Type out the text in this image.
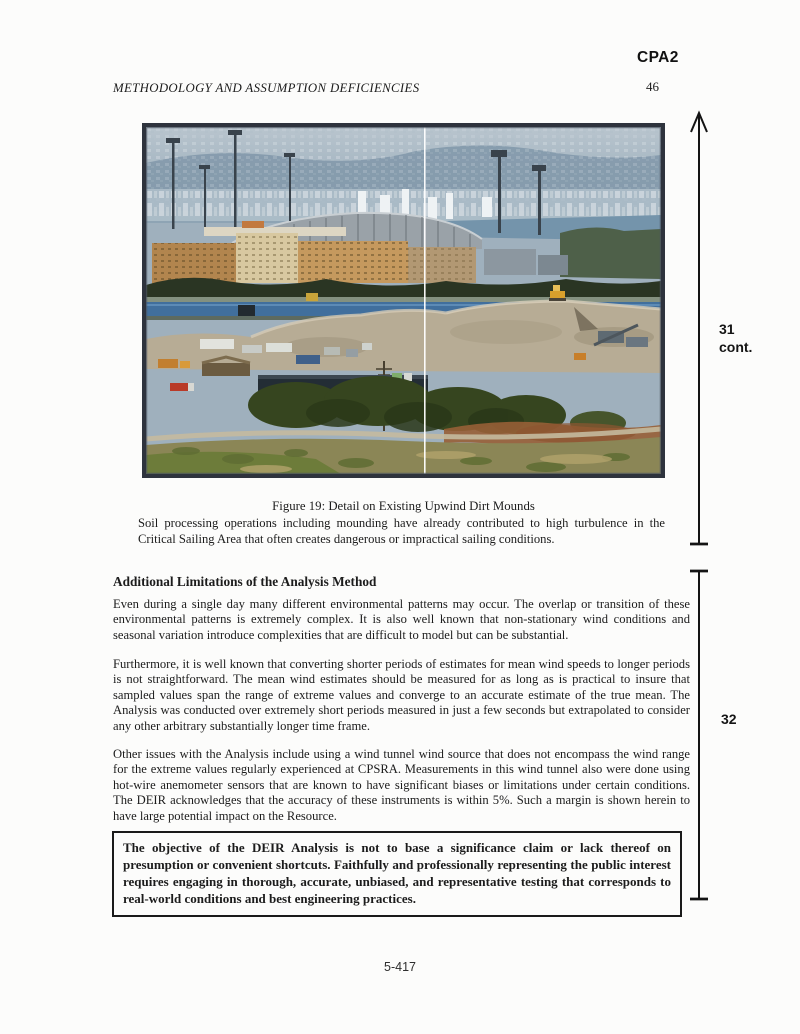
METHODOLOGY AND ASSUMPTION DEFICIENCIES
CPA2
46
Figure 19: Detail on Existing Upwind Dirt Mounds
Soil processing operations including mounding have already contributed to high turbulence in the Critical Sailing Area that often creates dangerous or impractical sailing conditions.
31
cont.
32
Additional Limitations of the Analysis Method

Even during a single day many different environmental patterns may occur. The overlap or transition of these environmental patterns is extremely complex. It is also well known that non-stationary wind conditions and seasonal variation introduce complexities that are difficult to model but can be substantial.

Furthermore, it is well known that converting shorter periods of estimates for mean wind speeds to longer periods is not straightforward. The mean wind estimates should be measured for as long as is practical to insure that sampled values span the range of extreme values and converge to an accurate estimate of the true mean. The Analysis was conducted over extremely short periods measured in just a few seconds but extrapolated to consider any other arbitrary substantially longer time frame.

Other issues with the Analysis include using a wind tunnel wind source that does not encompass the wind range for the extreme values regularly experienced at CPSRA. Measurements in this wind tunnel also were done using hot-wire anemometer sensors that are known to have significant biases or limitations under certain conditions. The DEIR acknowledges that the accuracy of these instruments is within 5%. Such a margin is shown herein to have large potential impact on the Resource.

The objective of the DEIR Analysis is not to base a significance claim or lack thereof on presumption or convenient shortcuts. Faithfully and professionally representing the public interest requires engaging in thorough, accurate, unbiased, and representative testing that corresponds to real-world conditions and best engineering practices.
5-417
